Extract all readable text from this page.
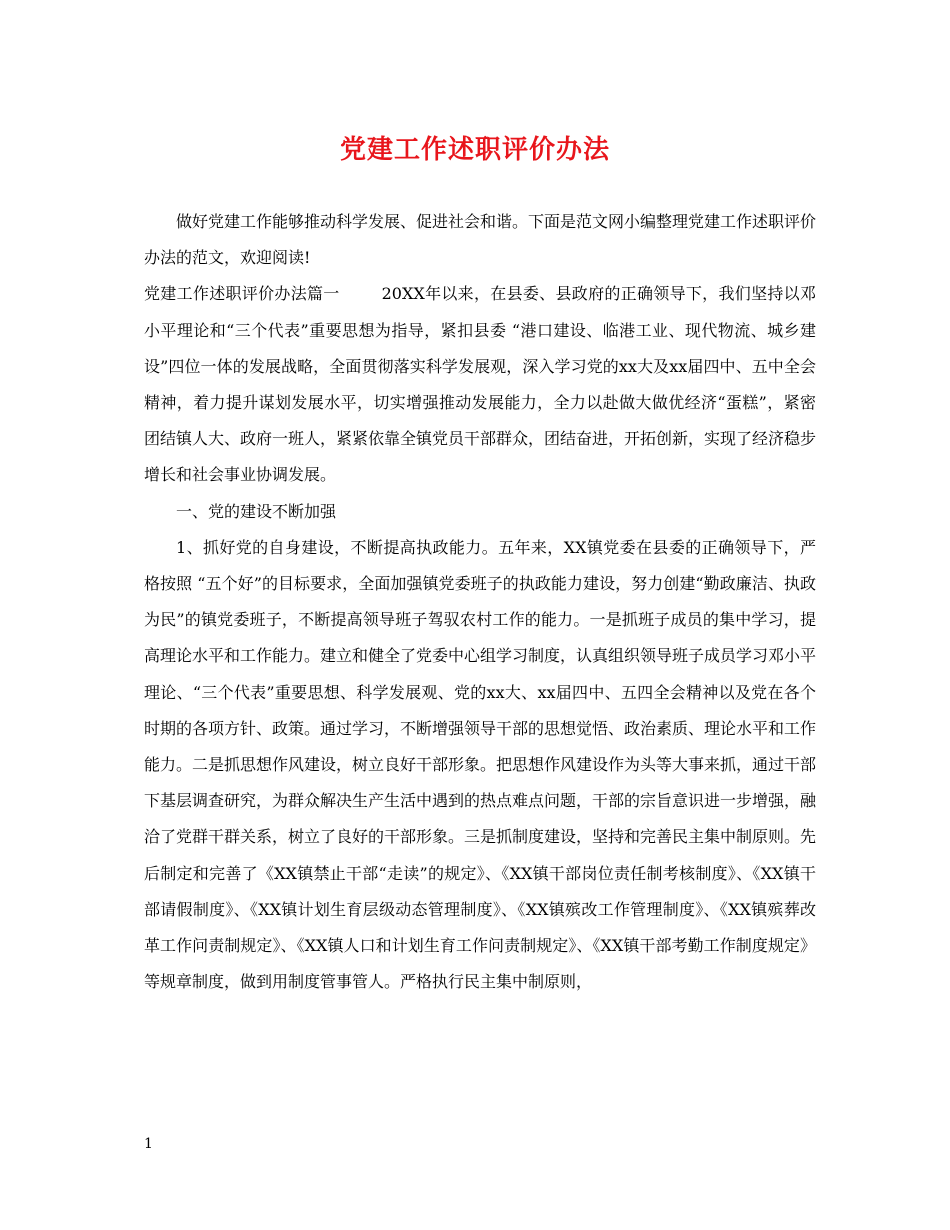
党建工作述职评价办法

做好党建工作能够推动科学发展、促进社会和谐。下面是范文网小编整理党建工作述职评价办法的范文，欢迎阅读!

党建工作述职评价办法篇一	20XX年以来，在县委、县政府的正确领导下，我们坚持以邓小平理论和“三个代表”重要思想为指导，紧扣县委 “港口建设、临港工业、现代物流、城乡建设”四位一体的发展战略，全面贯彻落实科学发展观，深入学习党的xx大及xx届四中、五中全会精神，着力提升谋划发展水平，切实增强推动发展能力，全力以赴做大做优经济“蛋糕”，紧密团结镇人大、政府一班人，紧紧依靠全镇党员干部群众，团结奋进，开拓创新，实现了经济稳步增长和社会事业协调发展。

一、党的建设不断加强

1、抓好党的自身建设，不断提高执政能力。五年来，XX镇党委在县委的正确领导下，严格按照 “五个好”的目标要求，全面加强镇党委班子的执政能力建设，努力创建“勤政廉洁、执政为民”的镇党委班子，不断提高领导班子驾驭农村工作的能力。一是抓班子成员的集中学习，提高理论水平和工作能力。建立和健全了党委中心组学习制度，认真组织领导班子成员学习邓小平理论、“三个代表”重要思想、科学发展观、党的xx大、xx届四中、五四全会精神以及党在各个时期的各项方针、政策。通过学习，不断增强领导干部的思想觉悟、政治素质、理论水平和工作能力。二是抓思想作风建设，树立良好干部形象。把思想作风建设作为头等大事来抓，通过干部下基层调查研究，为群众解决生产生活中遇到的热点难点问题，干部的宗旨意识进一步增强，融洽了党群干群关系，树立了良好的干部形象。三是抓制度建设，坚持和完善民主集中制原则。先后制定和完善了《XX镇禁止干部“走读”的规定》、《XX镇干部岗位责任制考核制度》、《XX镇干部请假制度》、《XX镇计划生育层级动态管理制度》、《XX镇殡改工作管理制度》、《XX镇殡葬改革工作问责制规定》、《XX镇人口和计划生育工作问责制规定》、《XX镇干部考勤工作制度规定》等规章制度，做到用制度管事管人。严格执行民主集中制原则，

1
